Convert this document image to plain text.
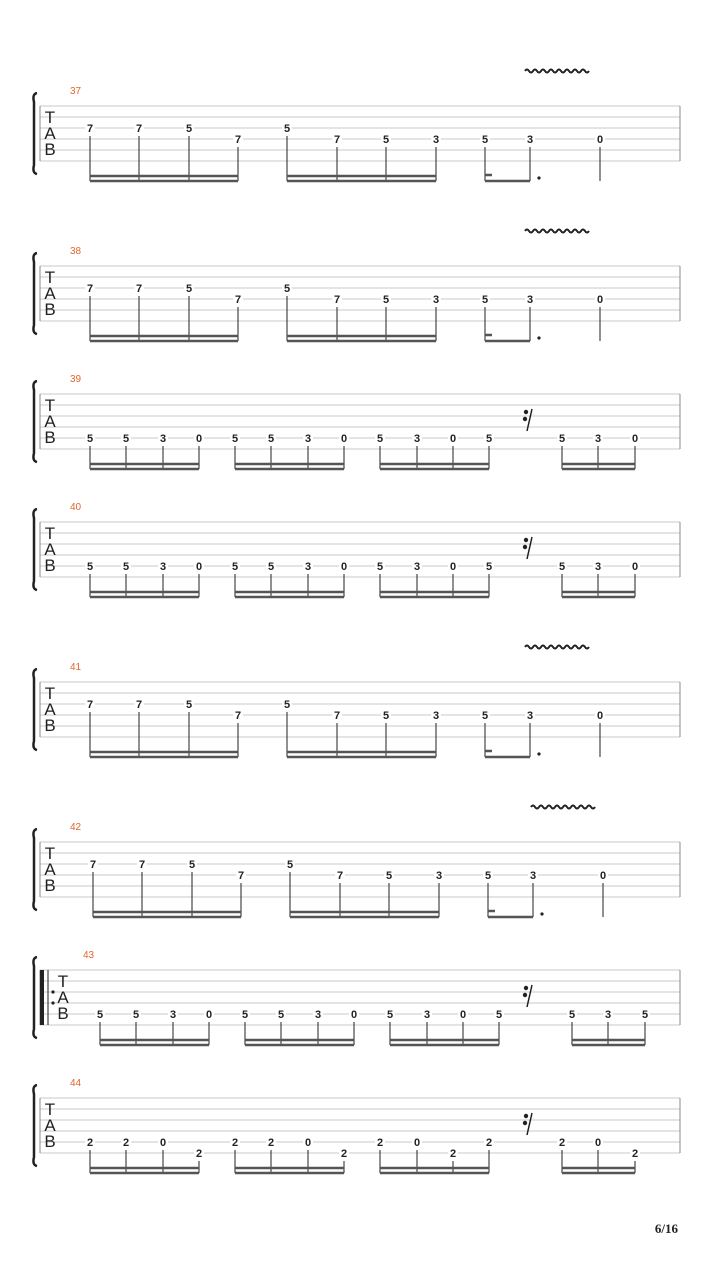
T
A
B
37
7	7	5
7
5
7	5	3	5	3	0
T
A
B
38
7	7	5
7
5
7	5	3	5	3	0
T
A
B
39
5	5	3	0	5	5	3	0	5	3	0	5	5	3	0
T
A
B
40
5	5	3	0	5	5	3	0	5	3	0	5	5	3	0
T
A
B
41
7	7	5
7
5
7	5	3	5	3	0
T
A
B
42
7	7	5
7
5
7	5	3	5	3	0
T
A
B
43
5	5	3	0	5	5	3	0	5	3	0	5	5	3	5
T
A
B
44
2	2	0
2
2	2	0
2
2	0
2
2	2	0
2
6/16
